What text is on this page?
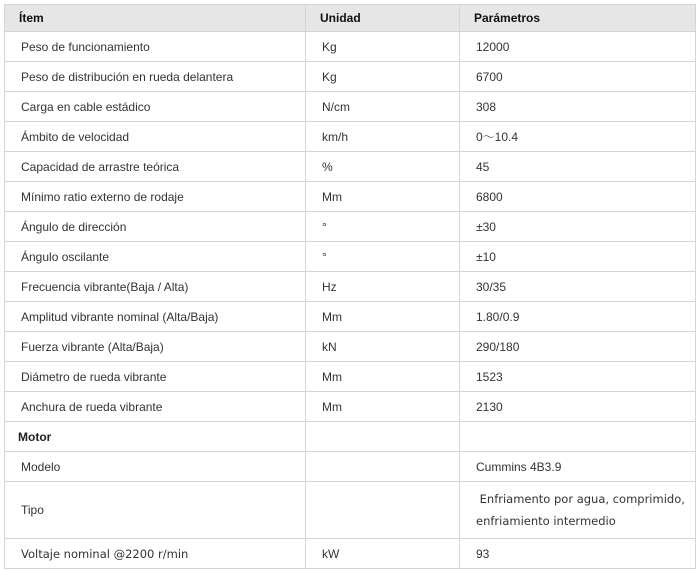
Ítem	Unidad	Parámetros
Peso de funcionamiento	Kg	12000
Peso de distribución en rueda delantera	Kg	6700
Carga en cable estádico	N/cm	308
Ámbito de velocidad	km/h	0～10.4
Capacidad de arrastre teórica	%	45
Mínimo ratio externo de rodaje	Mm	6800
Ángulo de dirección	°	±30
Ángulo oscilante	°	±10
Frecuencia vibrante(Baja / Alta)	Hz	30/35
Amplitud vibrante nominal (Alta/Baja)	Mm	1.80/0.9
Fuerza vibrante (Alta/Baja)	kN	290/180
Diámetro de rueda vibrante	Mm	1523
Anchura de rueda vibrante	Mm	2130
Motor		
Modelo		Cummins 4B3.9
Tipo		Enfriamento por agua, comprimido,
enfriamiento intermedio

Voltaje nominal @2200 r/min	kW	93
